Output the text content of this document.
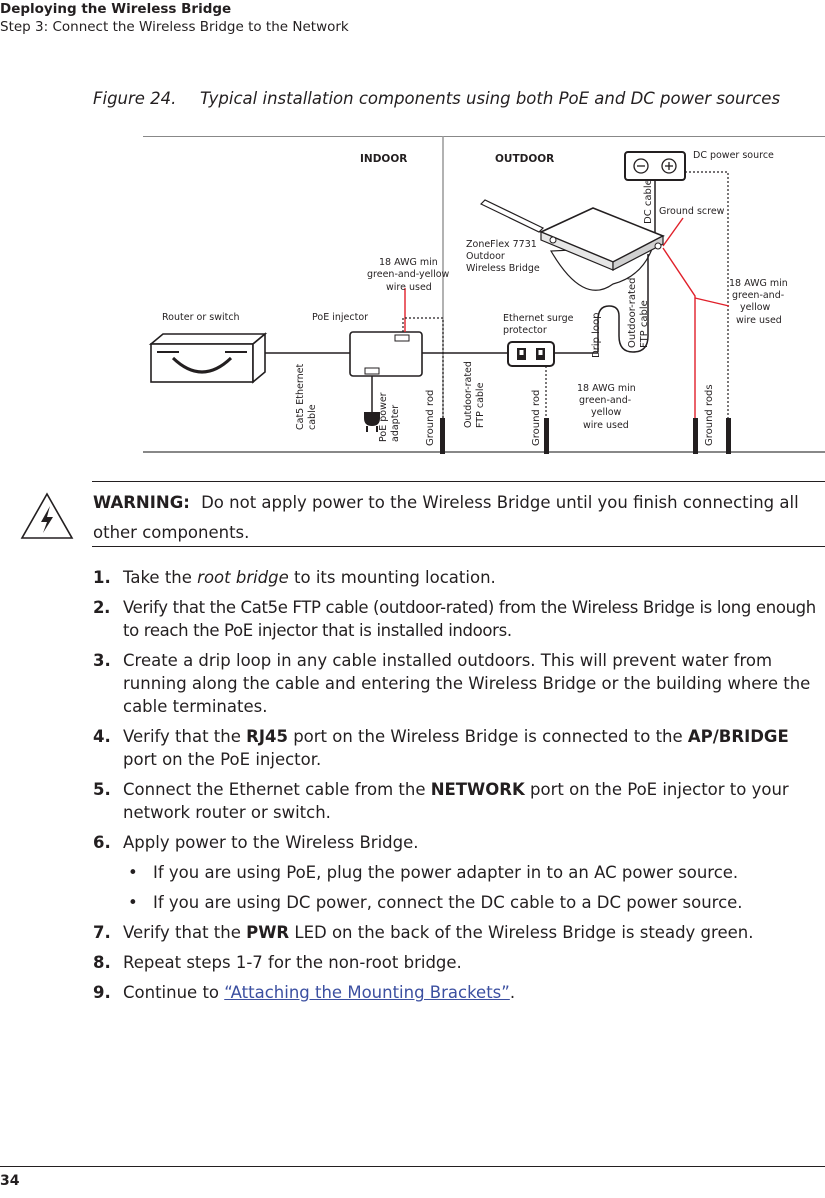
Deploying the Wireless Bridge
Step 3: Connect the Wireless Bridge to the Network
Figure 24. Typical installation components using both PoE and DC power sources
INDOOR	OUTDOOR	DC power source
DC cable Ground screw
ZoneFlex 7731
Outdoor
Wireless Bridge
Drip loop	Outdoor-rated FTP cable
18 AWG min
green-and-
yellow
wire used
Ground rods
Router or switch
Cat5 Ethernet cable
PoE injector
18 AWG min
green-and-yellow
wire used
Ground rod
PoE power adapter	Outdoor-rated FTP cable
Ethernet surge
protector
Ground rod
18 AWG min
green-and-
yellow
wire used
WARNING: Do not apply power to the Wireless Bridge until you finish connecting all other components.
1. Take the root bridge to its mounting location.
2. Verify that the Cat5e FTP cable (outdoor-rated) from the Wireless Bridge is long enough to reach the PoE injector that is installed indoors.
3. Create a drip loop in any cable installed outdoors. This will prevent water from running along the cable and entering the Wireless Bridge or the building where the cable terminates.
4. Verify that the RJ45 port on the Wireless Bridge is connected to the AP/BRIDGE port on the PoE injector.
5. Connect the Ethernet cable from the NETWORK port on the PoE injector to your network router or switch.
6. Apply power to the Wireless Bridge.
• If you are using PoE, plug the power adapter in to an AC power source.
• If you are using DC power, connect the DC cable to a DC power source.
7. Verify that the PWR LED on the back of the Wireless Bridge is steady green.
8. Repeat steps 1-7 for the non-root bridge.
9. Continue to “Attaching the Mounting Brackets”.
34
